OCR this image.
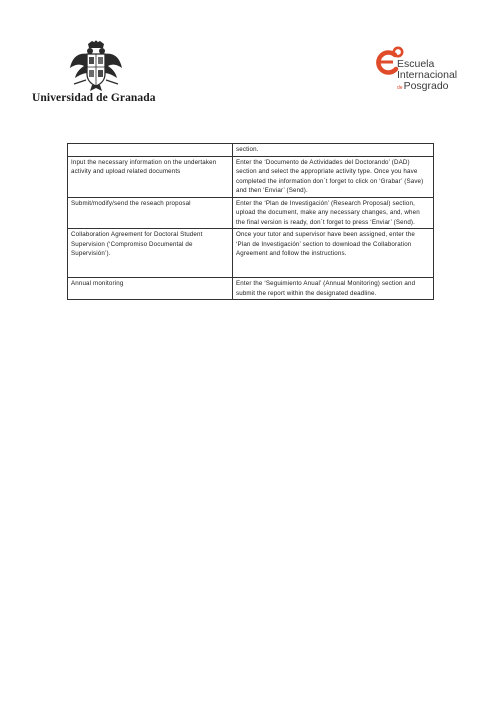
Universidad de Granada
Escuela
Internacional
dePosgrado
	section.
Input the necessary information on the undertaken activity and upload related documents	Enter the ‘Documento de Actividades del Doctorando’ (DAD) section and select the appropriate activity type. Once you have completed the information don´t forget to click on ‘Grabar’ (Save) and then ‘Enviar’ (Send).
Submit/modify/send the reseach proposal	Enter the ‘Plan de Investigación’ (Research Proposal) section, upload the document, make any necessary changes, and, when the final version is ready, don´t forget to press ‘Enviar’ (Send).
Collaboration Agreement for Doctoral Student Supervision (‘Compromiso Documental de Supervisión’).	Once your tutor and supervisor have been assigned, enter the ‘Plan de Investigación’ section to download the Collaboration Agreement and follow the instructions.
Annual monitoring	Enter the ‘Seguimiento Anual’ (Annual Monitoring) section and submit the report within the designated deadline.
